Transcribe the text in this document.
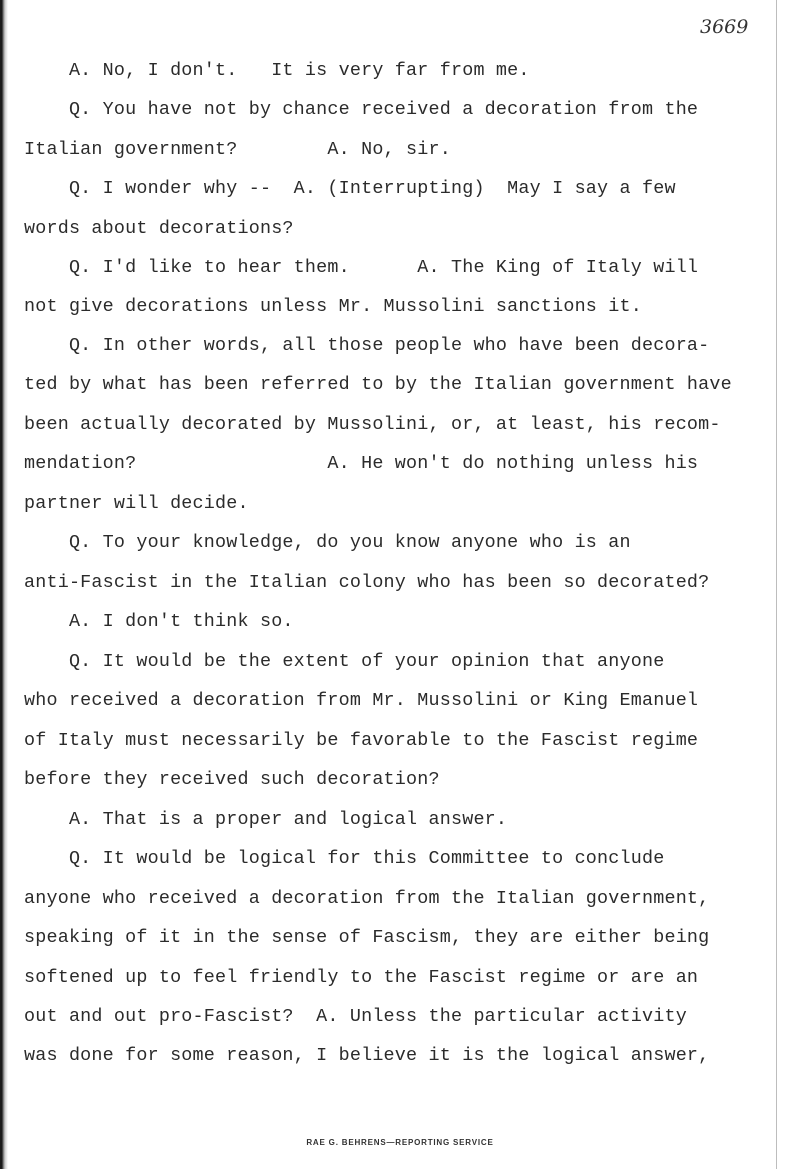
3669
A. No, I don't.   It is very far from me.
Q. You have not by chance received a decoration from the
Italian government?        A. No, sir.
Q. I wonder why --  A. (Interrupting)  May I say a few
words about decorations?
Q. I'd like to hear them.      A. The King of Italy will
not give decorations unless Mr. Mussolini sanctions it.
Q. In other words, all those people who have been decora-
ted by what has been referred to by the Italian government have
been actually decorated by Mussolini, or, at least, his recom-
mendation?                 A. He won't do nothing unless his
partner will decide.
Q. To your knowledge, do you know anyone who is an
anti-Fascist in the Italian colony who has been so decorated?
A. I don't think so.
Q. It would be the extent of your opinion that anyone
who received a decoration from Mr. Mussolini or King Emanuel
of Italy must necessarily be favorable to the Fascist regime
before they received such decoration?
A. That is a proper and logical answer.
Q. It would be logical for this Committee to conclude
anyone who received a decoration from the Italian government,
speaking of it in the sense of Fascism, they are either being
softened up to feel friendly to the Fascist regime or are an
out and out pro-Fascist?  A. Unless the particular activity
was done for some reason, I believe it is the logical answer,
RAE G. BEHRENS—REPORTING SERVICE
